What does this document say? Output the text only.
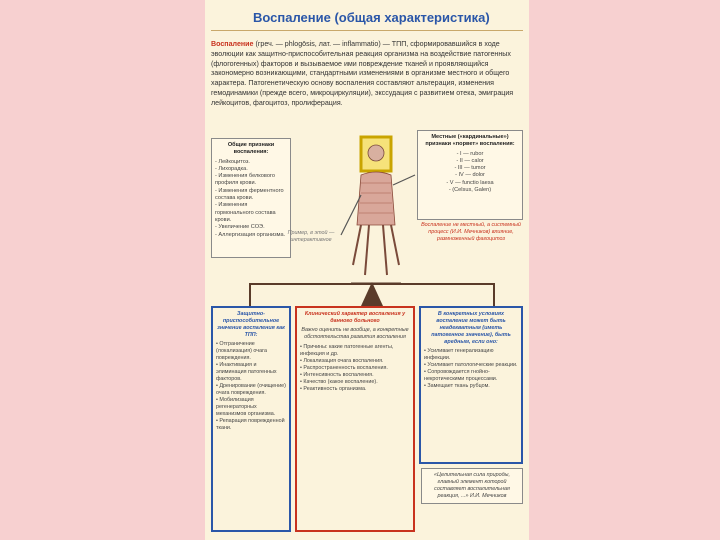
Воспаление (общая характеристика)
Воспаление (греч. — phlogōsis, лат. — inflammatio) — ТПП, сформировавшийся в ходе эволюции как защитно-приспособительная реакция организма на воздействие патогенных (флогогенных) факторов и вызываемое ими повреждение тканей и проявляющийся закономерно возникающими, стандартными изменениями в организме местного и общего характера. Патогенетическую основу воспаления составляют альтерация, изменения гемодинамики (прежде всего, микроциркуляции), экссудация с развитием отека, эмиграция лейкоцитов, фагоцитоз, пролиферация.
Общие признаки воспаления:
- Лейкоцитоз.
- Лихорадка.
- Изменения белкового профиля крови.
- Изменения ферментного состава крови.
- Изменения гормонального состава крови.
- Увеличение СОЭ.
- Аллергизация организма.
Местные («кардинальные») признаки «порвет» воспаления:
- I — rubor
- II — calor
- III — tumor
- IV — dolor
- V — functio laesa
- (Celsus, Galen)
Воспаление не местный, а системный процесс (И.И. Мечников) влияние, размноженный фагоцитоз
Пример, в этой — интерактивное
Защитно-приспособительное значение воспаления как ТПП:
• Отграничение (локализация) очага повреждения.
• Инактивация и элиминация патогенных факторов.
• Дренирование (очищение) очага повреждения.
• Мобилизация регенераторных механизмов организма.
• Репарация поврежденной ткани.
Клинический характер воспаления у данного больного
Важно оценить не вообще, а конкретные обстоятельства развития воспаления
• Причины: какие патогенные агенты, инфекция и др.
• Локализация очага воспаления.
• Распространенность воспаления.
• Интенсивность воспаления.
• Качество (какое воспаление).
• Реактивность организма.
В конкретных условиях воспаление может быть неадекватным (иметь патогенное значение), быть вредным, если оно:
• Усиливает генерализацию инфекции.
• Усиливает патологические реакции.
• Сопровождается гнойно-некротическими процессами.
• Замещает ткань рубцом.
«Целительная сила природы, главный элемент которой составляет воспалительная реакция, ...» И.И. Мечников
